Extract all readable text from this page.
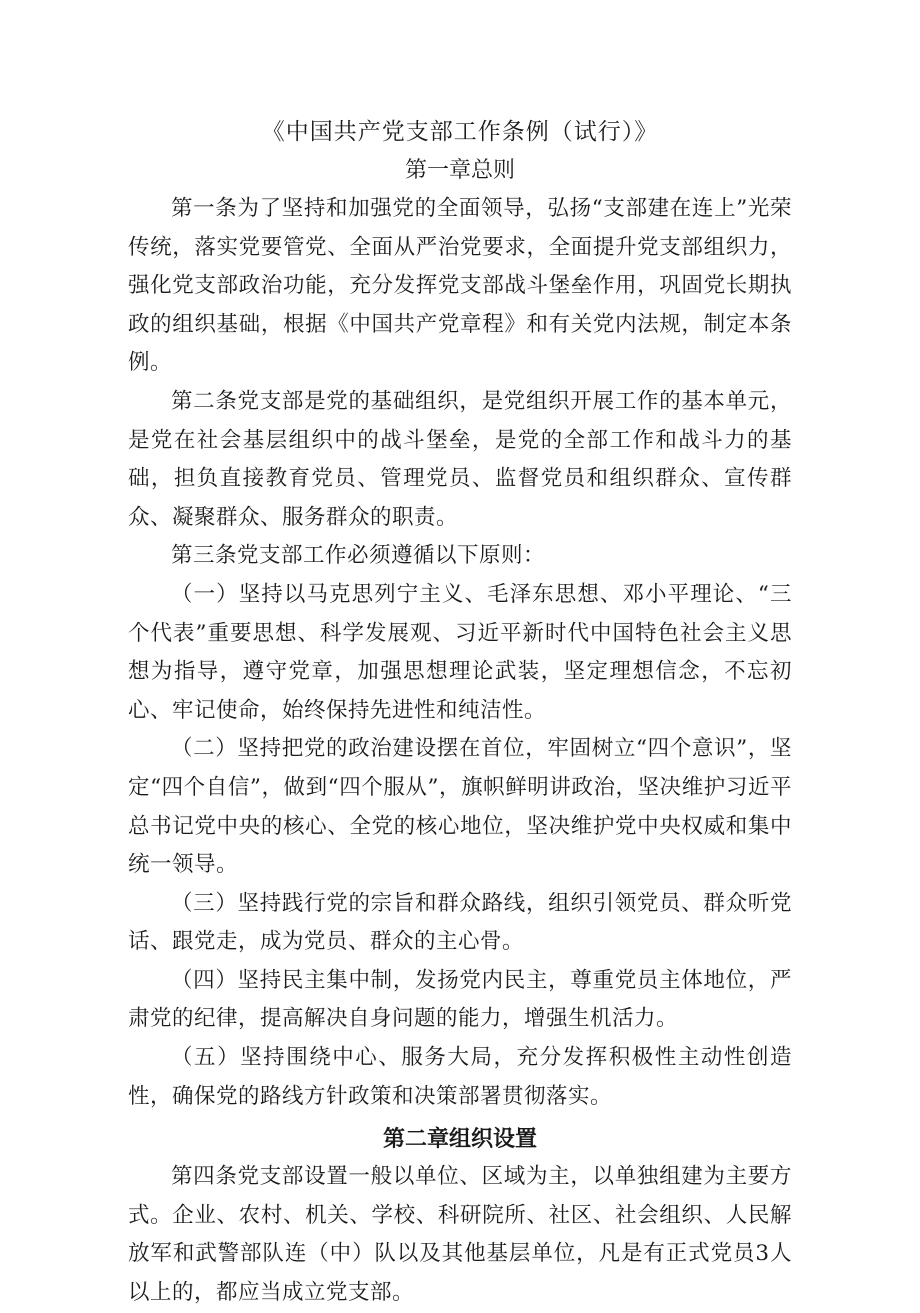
《中国共产党支部工作条例（试行）》
第一章总则

第一条为了坚持和加强党的全面领导，弘扬“支部建在连上”光荣传统，落实党要管党、全面从严治党要求，全面提升党支部组织力，强化党支部政治功能，充分发挥党支部战斗堡垒作用，巩固党长期执政的组织基础，根据《中国共产党章程》和有关党内法规，制定本条例。

第二条党支部是党的基础组织，是党组织开展工作的基本单元，是党在社会基层组织中的战斗堡垒，是党的全部工作和战斗力的基础，担负直接教育党员、管理党员、监督党员和组织群众、宣传群众、凝聚群众、服务群众的职责。

第三条党支部工作必须遵循以下原则：

（一）坚持以马克思列宁主义、毛泽东思想、邓小平理论、“三个代表”重要思想、科学发展观、习近平新时代中国特色社会主义思想为指导，遵守党章，加强思想理论武装，坚定理想信念，不忘初心、牢记使命，始终保持先进性和纯洁性。

（二）坚持把党的政治建设摆在首位，牢固树立“四个意识”，坚定“四个自信”，做到“四个服从”，旗帜鲜明讲政治，坚决维护习近平总书记党中央的核心、全党的核心地位，坚决维护党中央权威和集中统一领导。

（三）坚持践行党的宗旨和群众路线，组织引领党员、群众听党话、跟党走，成为党员、群众的主心骨。

（四）坚持民主集中制，发扬党内民主，尊重党员主体地位，严肃党的纪律，提高解决自身问题的能力，增强生机活力。

（五）坚持围绕中心、服务大局，充分发挥积极性主动性创造性，确保党的路线方针政策和决策部署贯彻落实。

第二章组织设置

第四条党支部设置一般以单位、区域为主，以单独组建为主要方式。企业、农村、机关、学校、科研院所、社区、社会组织、人民解放军和武警部队连（中）队以及其他基层单位，凡是有正式党员3人以上的，都应当成立党支部。
